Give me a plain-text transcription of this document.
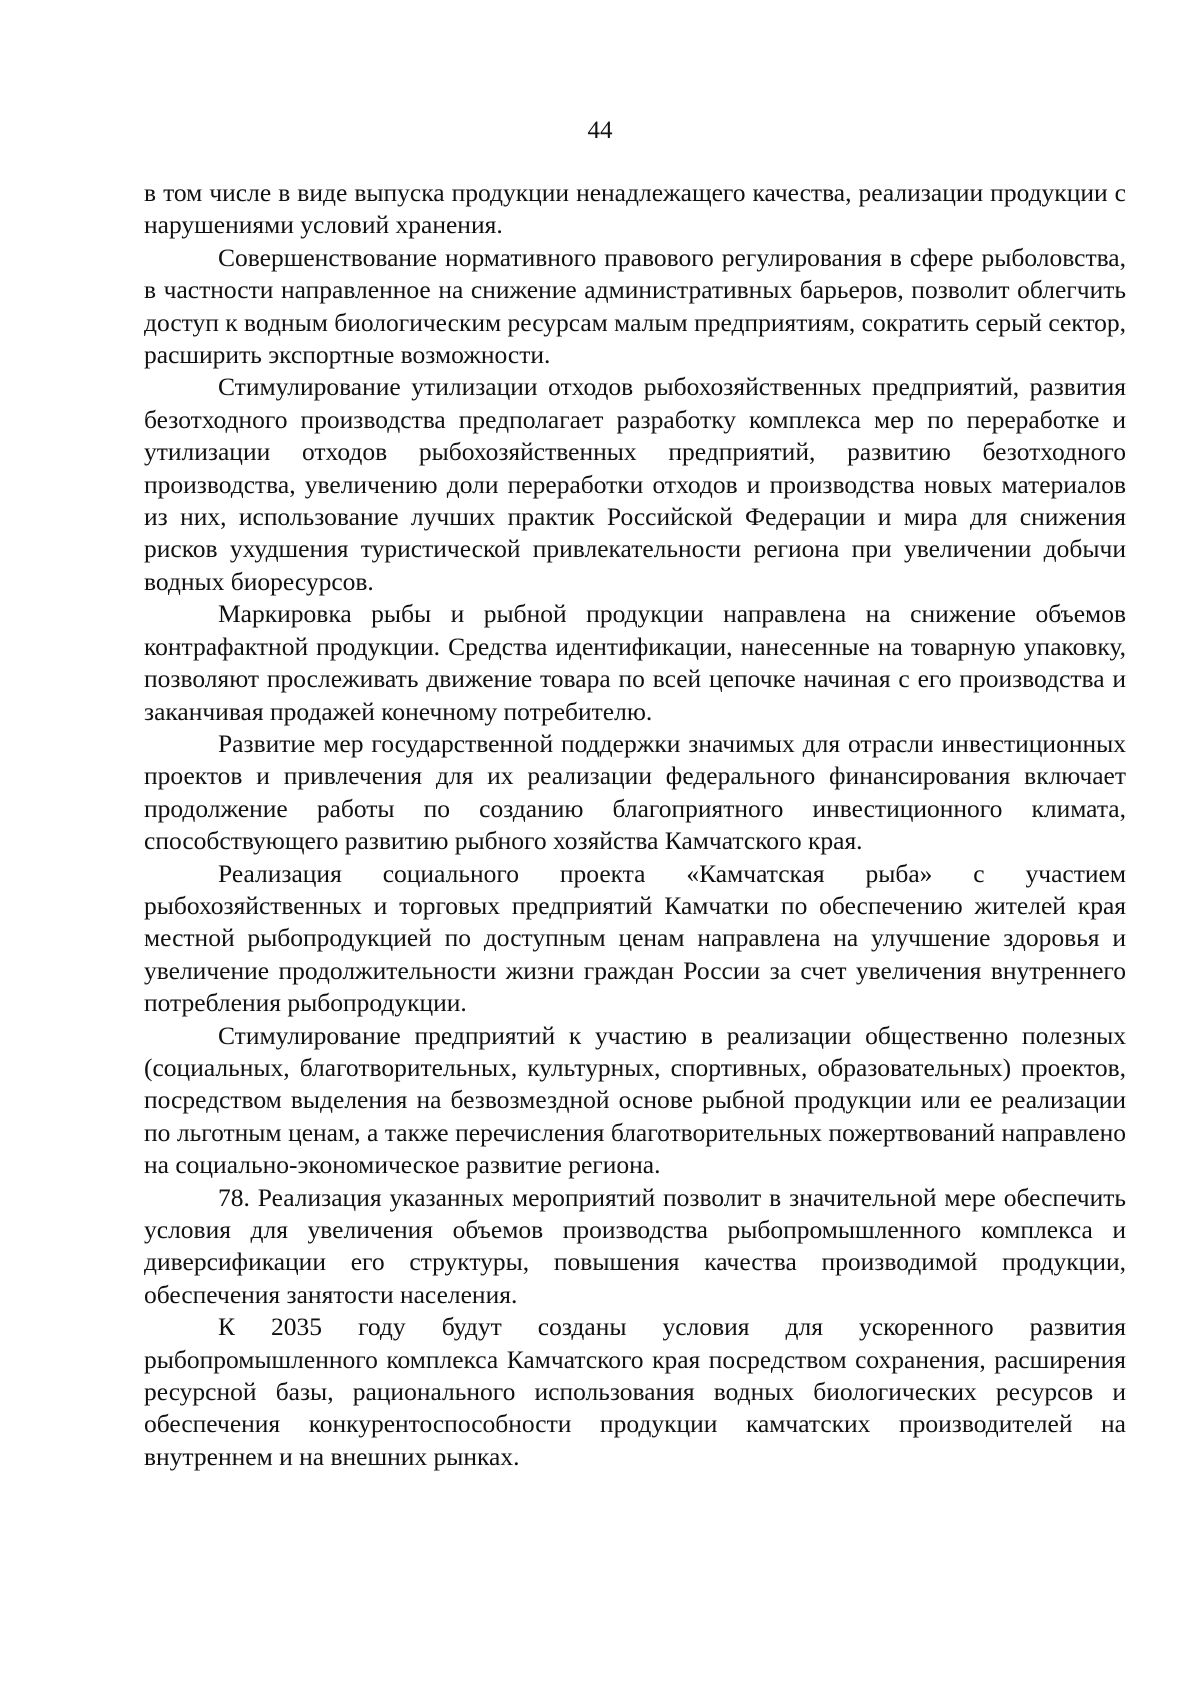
44

в том числе в виде выпуска продукции ненадлежащего качества, реализации продукции с нарушениями условий хранения.

Совершенствование нормативного правового регулирования в сфере рыболовства, в частности направленное на снижение административных барьеров, позволит облегчить доступ к водным биологическим ресурсам малым предприятиям, сократить серый сектор, расширить экспортные возможности.

Стимулирование утилизации отходов рыбохозяйственных предприятий, развития безотходного производства предполагает разработку комплекса мер по переработке и утилизации отходов рыбохозяйственных предприятий, развитию безотходного производства, увеличению доли переработки отходов и производства новых материалов из них, использование лучших практик Российской Федерации и мира для снижения рисков ухудшения туристической привлекательности региона при увеличении добычи водных биоресурсов.

Маркировка рыбы и рыбной продукции направлена на снижение объемов контрафактной продукции. Средства идентификации, нанесенные на товарную упаковку, позволяют прослеживать движение товара по всей цепочке начиная с его производства и заканчивая продажей конечному потребителю.

Развитие мер государственной поддержки значимых для отрасли инвестиционных проектов и привлечения для их реализации федерального финансирования включает продолжение работы по созданию благоприятного инвестиционного климата, способствующего развитию рыбного хозяйства Камчатского края.

Реализация социального проекта «Камчатская рыба» с участием рыбохозяйственных и торговых предприятий Камчатки по обеспечению жителей края местной рыбопродукцией по доступным ценам направлена на улучшение здоровья и увеличение продолжительности жизни граждан России за счет увеличения внутреннего потребления рыбопродукции.

Стимулирование предприятий к участию в реализации общественно полезных (социальных, благотворительных, культурных, спортивных, образовательных) проектов, посредством выделения на безвозмездной основе рыбной продукции или ее реализации по льготным ценам, а также перечисления благотворительных пожертвований направлено на социально-экономическое развитие региона.

78. Реализация указанных мероприятий позволит в значительной мере обеспечить условия для увеличения объемов производства рыбопромышленного комплекса и диверсификации его структуры, повышения качества производимой продукции, обеспечения занятости населения.

К 2035 году будут созданы условия для ускоренного развития рыбопромышленного комплекса Камчатского края посредством сохранения, расширения ресурсной базы, рационального использования водных биологических ресурсов и обеспечения конкурентоспособности продукции камчатских производителей на внутреннем и на внешних рынках.
